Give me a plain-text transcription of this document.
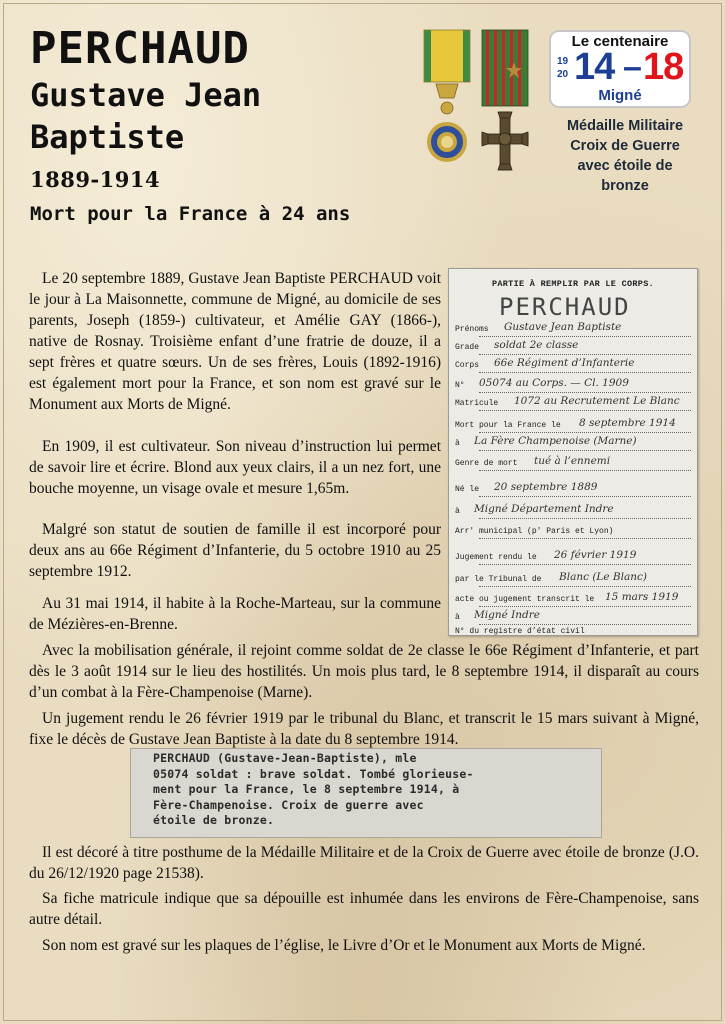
PERCHAUD
Gustave Jean
Baptiste
1889-1914
Mort pour la France à 24 ans
Le centenaire
19
20 14 – 18
Migné
Médaille Militaire
Croix de Guerre
avec étoile de
bronze

Le 20 septembre 1889, Gustave Jean Baptiste PERCHAUD voit le jour à La Maisonnette, commune de Migné, au domicile de ses parents, Joseph (1859-) cultivateur, et Amélie GAY (1866-), native de Rosnay. Troisième enfant d’une fratrie de douze, il a sept frères et quatre sœurs. Un de ses frères, Louis (1892-1916) est également mort pour la France, et son nom est gravé sur le Monument aux Morts de Migné.

En 1909, il est cultivateur. Son niveau d’instruction lui permet de savoir lire et écrire. Blond aux yeux clairs, il a un nez fort, une bouche moyenne, un visage ovale et mesure 1,65m.

Malgré son statut de soutien de famille il est incorporé pour deux ans au 66e Régiment d’Infanterie, du 5 octobre 1910 au 25 septembre 1912.

Au 31 mai 1914, il habite à la Roche-Marteau, sur la commune de Mézières-en-Brenne.

Avec la mobilisation générale, il rejoint comme soldat de 2e classe le 66e Régiment d’Infanterie, et part dès le 3 août 1914 sur le lieu des hostilités. Un mois plus tard, le 8 septembre 1914, il disparaît au cours d’un combat à la Fère-Champenoise (Marne).

Un jugement rendu le 26 février 1919 par le tribunal du Blanc, et transcrit le 15 mars suivant à Migné, fixe le décès de Gustave Jean Baptiste à la date du 8 septembre 1914.

Il est décoré à titre posthume de la Médaille Militaire et de la Croix de Guerre avec étoile de bronze (J.O. du 26/12/1920 page 21538).

Sa fiche matricule indique que sa dépouille est inhumée dans les environs de Fère-Champenoise, sans autre détail.

Son nom est gravé sur les plaques de l’église, le Livre d’Or et le Monument aux Morts de Migné.

PARTIE À REMPLIR PAR LE CORPS.
PERCHAUD
Prénoms Gustave Jean Baptiste
Grade soldat 2e classe
Corps 66e Régiment d’Infanterie
N° 05074 au Corps. — Cl. 1909
Matricule 1072 au Recrutement Le Blanc
Mort pour la France le 8 septembre 1914
à La Fère Champenoise (Marne)
Genre de mort tué à l’ennemi
Né le 20 septembre 1889
à Migné Département Indre
Arr' municipal (p' Paris et Lyon)
Jugement rendu le 26 février 1919
par le Tribunal de Blanc (Le Blanc)
acte ou jugement transcrit le 15 mars 1919
à Migné Indre
N° du registre d’état civil
PERCHAUD (Gustave-Jean-Baptiste), mle
05074 soldat : brave soldat. Tombé glorieuse-
ment pour la France, le 8 septembre 1914, à
Fère-Champenoise. Croix de guerre avec
étoile de bronze.
